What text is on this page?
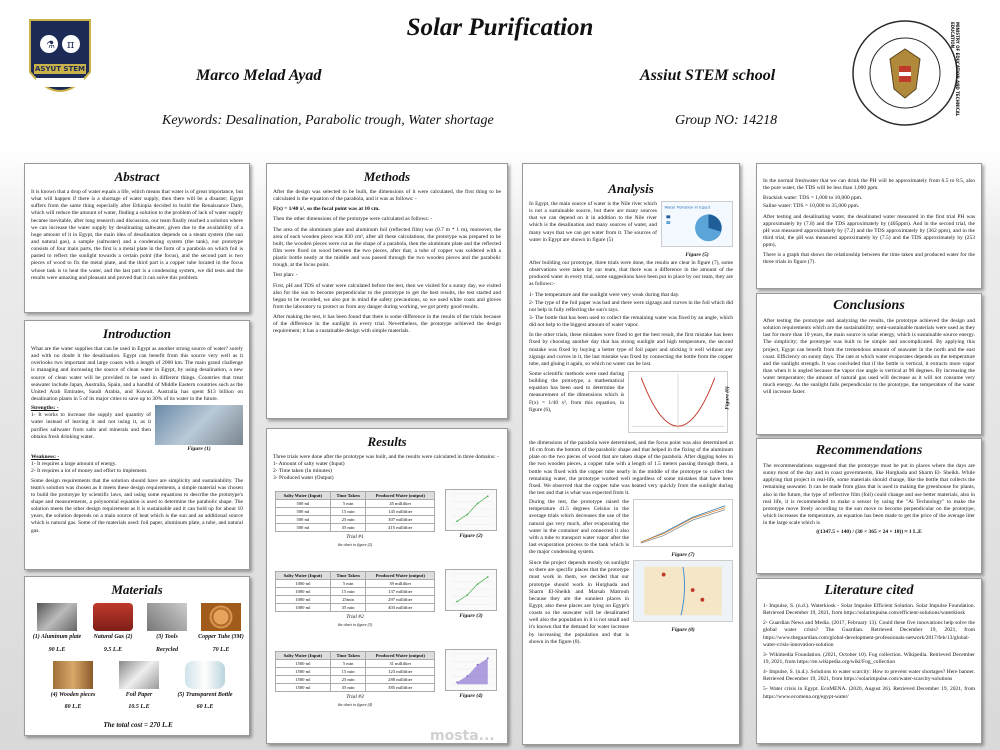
⚗ π
ASYUT STEM
Solar Purification
Marco Melad Ayad	Assiut STEM school
Keywords: Desalination, Parabolic trough, Water shortage	Group NO: 14218
MINISTRY OF EDUCATION AND TECHNICAL EDUCATION
Abstract
It is known that a drop of water equals a life, which means that water is of great importance, but what will happen if there is a shortage of water supply, then there will be a disaster; Egypt suffers from the same thing especially after Ethiopia decided to build the Renaissance Dam, which will reduce the amount of water, finding a solution to the problem of lack of water supply became inevitable, after long research and discussion, our team finally reached a solution where we can increase the water supply by desalinating saltwater, given due to the availability of a huge amount of it in Egypt, the main idea of desalination depends on a steam system (the sun and natural gas), a sample (saltwater) and a condensing system (the tank), our prototype consists of four main parts, the first is a metal plate in the form of a parabola on which foil is pasted to reflect the sunlight towards a certain point (the focus), and the second part is two pieces of wood to fix the metal plate, and the third part is a copper tube located in the focus whose task is to heat the water, and the last part is a condensing system, we did tests and the results were amazing and pleasant and proved that it can solve this problem.
Introduction
What are the water supplies that can be used in Egypt as another strong source of water? surely and with no doubt it the desalination. Egypt can benefit from this source very well as it overlooks two important and large coasts with a length of 2000 km. The main grand challenge is managing and increasing the source of clean water in Egypt, by using desalination, a new source of clean water will be provided to be used in different things. Countries that treat seawater include Japan, Australia, Spain, and a handful of Middle Eastern countries such as the United Arab Emirates, Saudi Arabia, and Kuwait. Australia has spent $13 billion on desalination plants in 5 of its major cities to save up to 30% of its water in the future.
Strengths: -
1- It works to increase the supply and quantity of water instead of leaving it and not using it, as it purifies saltwater from salts and minerals and then obtains fresh drinking water.
Figure (1)
Weakness: -
1- It requires a large amount of energy.
2- It requires a lot of money and effort to implement.
Some design requirements that the solution should have are simplicity and sustainability. The team's solution was chosen as it meets these design requirements, a simple material was chosen to build the prototype by scientific laws, and using some equations to describe the prototype's shape and measurements, a polynomial equation is used to determine the parabolic shape. The solution meets the other design requirement as it is sustainable and it can hold up for about 10 years, the solution depends on a main source of heat which is the sun and an additional source which is natural gas. Some of the materials used: foil paper, aluminum plate, a tube, and natural gas.
Materials
(1) Aluminum plate	Natural Gas (2)	(3) Tools	Copper Tube (3M)
90 L.E	9.5 L.E	Recycled	70 L.E
(4) Wooden pieces	Foil Paper	(5) Transparent Bottle
80 L.E	10.5 L.E	60 L.E
The total cost = 270 L.E
Methods

After the design was selected to be built, the dimensions of it were calculated, the first thing to be calculated is the equation of the parabola, and it was as follows: -

F(x) = 1/40 x², so the focal point was at 10 cm.

Then the other dimensions of the prototype were calculated as follows: -

The area of the aluminum plate and aluminum foil (reflected film) was (0.7 m * 1 m), moreover, the area of each wooden piece was 830 cm², after all these calculations, the prototype was prepared to be built, the wooden pieces were cut as the shape of a parabola, then the aluminum plate and the reflected film were fixed on wood between the two pieces, after that, a tube of copper was soldered with a plastic bottle neatly at the middle and was passed through the two wooden pieces and the parabolic trough, at the focus point.

Test plan: -

First, pH and TDS of water were calculated before the test, then we visited for a sunny day, we visited also for the sun to become perpendicular to the prototype to get the best results, the test started and began to be recorded, we also put in mind the safety precautions, so we used white coats and gloves from the laboratory to protect us from any danger during working, we got pretty good results.

After making the test, it has been found that there is some difference in the results of the trials because of the difference in the sunlight in every trial. Nevertheless, the prototype achieved the design requirement; it has a sustainable design with simple materials.

Results
Three trials were done after the prototype was built, and the results were calculated in three domains: -
1- Amount of salty water (Input)
2- Time taken (In minutes)
3- Produced water (Output)
Salty Water (Input)	Time Taken	Produced Water (output)
500 ml	5 min	45 milliliter
500 ml	15 min	145 milliliter
500 ml	25 min	307 milliliter
500 ml	35 min	415 milliliter
Trial #1
the chart in figure (2)
Figure (2)
Salty Water (Input)	Time Taken	Produced Water (output)
1000 ml	5 min	39 milliliter
1000 ml	15 min	137 milliliter
1000 ml	25min	297 milliliter
1000 ml	35 min	403 milliliter
Trial #2
the chart in figure (3)
Figure (3)
Salty Water (Input)	Time Taken	Produced Water (output)
1500 ml	5 min	31 milliliter
1500 ml	15 min	123 milliliter
1500 ml	25 min	288 milliliter
1500 ml	35 min	385 milliliter
Trial #3
the chart in figure (4)
Figure (4)
Analysis
In Egypt, the main source of water is the Nile river which is not a sustainable source, but there are many sources that we can depend on it in addition to the Nile river which is the desalination and many sources of water, and many ways that we can get water from it. The sources of water in Egypt are shown in figure (5)
Water Pollution in Egypt
Figure (5)

After building our prototype, three trials were done, the results are clear in figure (7), some observations were taken by our team, that there was a difference in the amount of the produced water in every trial, some suggestions have been put in place by our team, they are as follows:-

1- The temperature and the sunlight were very weak during that day.

2- The type of the foil paper was bad and there were zigzags and curves in the foil which did not help in fully reflecting the sun's rays.

3- The bottle that has been used to collect the remaining water was fixed by an angle, which did not help to the biggest amount of water vapor.

In the other trials, these mistakes were fixed to get the best result, the first mistake has been fixed by choosing another day that has strong sunlight and high temperature, the second mistake was fixed by buying a better type of foil paper and sticking it well without any zigzags and curves in it, the last mistake was fixed by connecting the bottle from the copper tube, and gluing it again, so which no water can be lost.

Some scientific methods were used during building the prototype, a mathematical equation has been used to determine the measurement of the dimensions which is F(x) = 1/40 x², from this equation, in figure (6),
Figure (6)
the dimensions of the parabola were determined, and the focus point was also determined at 10 cm from the bottom of the parabolic shape and that helped in the fixing of the aluminum plate on the two pieces of wood that are taken shape of the parabola. After digging holes in the two wooden pieces, a copper tube with a length of 1.5 meters passing through them, a bottle was fixed with the copper tube nearly in the middle of the prototype to collect the remaining water, the prototype worked well regardless of some mistakes that have been fixed. We observed that the copper tube was heated very quickly from the sunlight during the test and that is what was expected from it.
During the test, the prototype raised the temperature 41.5 degrees Celsius in the average trials which decreases the use of the natural gas very much, after evaporating the water in the container and connected it also with a tube to transport water vapor after the last evaporation process to the tank which is the major condensing system.
Figure (7)
Since the project depends mostly on sunlight so there are specific places that the prototype must work in them, we decided that our prototype should work in Hurghada and Sharm El-Sheikh and Marsah Matrouh because they are the sunniest places in Egypt, also these places are lying on Egypt's coasts so the seawater will be desalinated well also the population in it is not small and it's known that the demand for water increase by increasing the population and that is shown in the figure (8).
Figure (8)

In the normal freshwater that we can drink the PH will be approximately from 6.5 to 8.5, also the pure water, the TDS will be less than 1,000 ppm.

Brackish water: TDS = 1,000 to 10,000 ppm.

Saline water: TDS = 10,000 to 35,000 ppm.

After testing and desalinating water, the desalinated water measured in the first trial PH was approximately by (7.8) and the TDS approximately by (405ppm). And in the second trial, the pH was measured approximately by (7.2) and the TDS approximately by (362 ppm), and in the third trial, the pH was measured approximately by (7.5) and the TDS approximately by (253 ppm),

There is a graph that shows the relationship between the time taken and produced water for the three trials in figure (7).

Conclusions
After testing the prototype and analyzing the results, the prototype achieved the design and solution requirements which are the sustainability; semi-sustainable materials were used as they last for more than 10 years, the main source is solar energy, which is sustainable source energy. The simplicity; the prototype was built to be simple and uncomplicated. By applying this project, Egypt can benefit from the tremendous amount of seawater in the north and the east coast. Efficiency on sunny days. The rate at which water evaporates depends on the temperature and the sunlight strength. It was concluded that if the bottle is vertical, it extracts more vapor than when it is angled because the vapor rise angle is vertical at 90 degrees. By increasing the water temperature; the amount of natural gas used will decrease as it will not consume very much energy. As the sunlight falls perpendicular to the prototype, the temperature of the water will increase faster.
Recommendations
The recommendations suggested that the prototype must be put in places where the days are sunny most of the day and in coast governments, like Hurghada and Sharm El- Sheikh. While applying that project in real-life, some materials should change, like the bottle that collects the remaining seawater. It can be made from glass that is used in making the greenhouse for plants, also in the future, the type of reflective film (foil) could change and use better materials, also in real life, it is recommended to make a sensor by using the "Ai Technology" to make the prototype move freely according to the sun move to become perpendicular on the prototype, which increases the temperature, an equation has been made to get the price of the average liter in the large scale which is
((1347.5 + 140) / (30 × 365 × 24 × 10)) ≈ 1 L.E
Literature cited

1- Impulse, S. (n.d.). Waterkiosk - Solar Impulse Efficient Solution. Solar Impulse Foundation. Retrieved December 19, 2021, from https://solarimpulse.com/efficient-solutions/waterkiosk

2- Guardian News and Media. (2017, February 13). Could these five innovations help solve the global water crisis? The Guardian. Retrieved December 19, 2021, from https://www.theguardian.com/global-development-professionals-network/2017/feb/13/global-water-crisis-innovation-solution

3- Wikimedia Foundation. (2021, October 10). Fog collection. Wikipedia. Retrieved December 19, 2021, from https://en.wikipedia.org/wiki/Fog_collection

4- Impulse, S. (n.d.). Solutions to water scarcity: How to prevent water shortages? Here banner. Retrieved December 19, 2021, from https://solarimpulse.com/water-scarcity-solutions

5- Water crisis in Egypt. EcoMENA. (2020, August 26). Retrieved December 19, 2021, from https://www.ecomena.org/egypt-water/

mosta...
